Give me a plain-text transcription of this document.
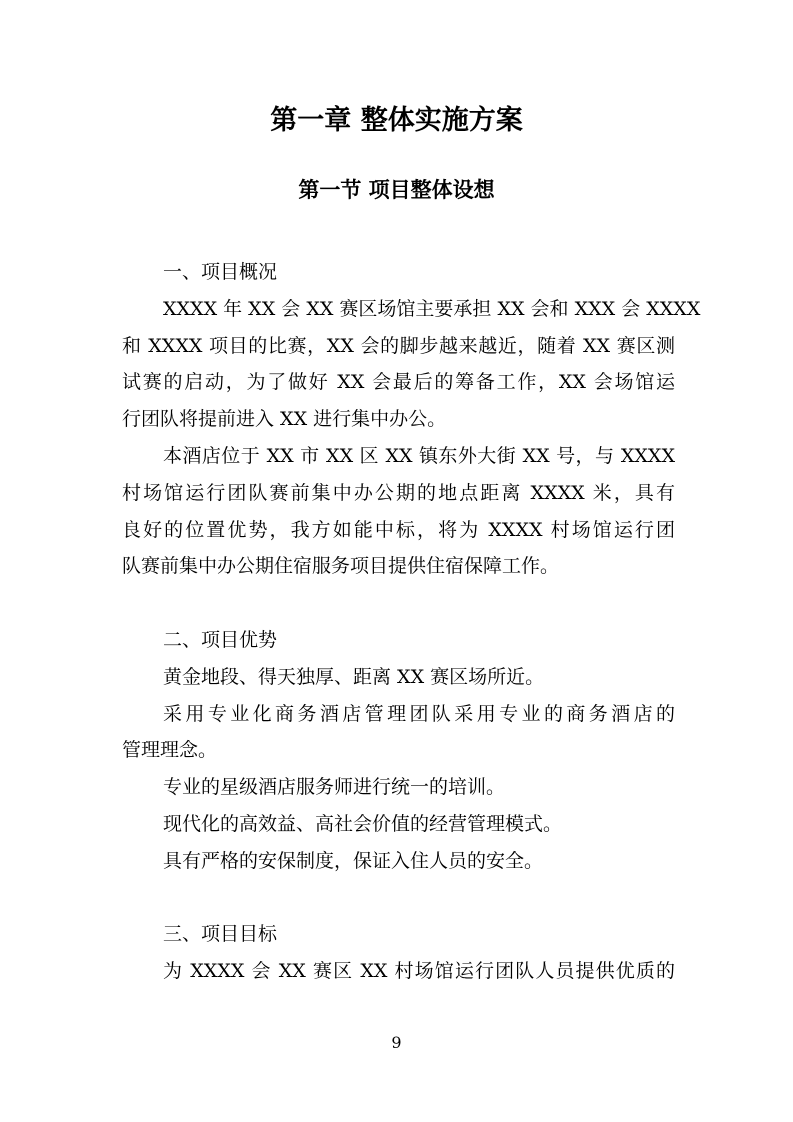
第一章 整体实施方案
第一节 项目整体设想
一、项目概况
XXXX 年 XX 会 XX 赛区场馆主要承担 XX 会和 XXX 会 XXXX
和 XXXX 项目的比赛，XX 会的脚步越来越近，随着 XX 赛区测
试赛的启动，为了做好 XX 会最后的筹备工作，XX 会场馆运
行团队将提前进入 XX 进行集中办公。
本酒店位于 XX 市 XX 区 XX 镇东外大街 XX 号，与 XXXX
村场馆运行团队赛前集中办公期的地点距离 XXXX 米，具有
良好的位置优势，我方如能中标，将为 XXXX 村场馆运行团
队赛前集中办公期住宿服务项目提供住宿保障工作。
二、项目优势
黄金地段、得天独厚、距离 XX 赛区场所近。
采用专业化商务酒店管理团队采用专业的商务酒店的
管理理念。
专业的星级酒店服务师进行统一的培训。
现代化的高效益、高社会价值的经营管理模式。
具有严格的安保制度，保证入住人员的安全。
三、项目目标
为 XXXX 会 XX 赛区 XX 村场馆运行团队人员提供优质的
9
